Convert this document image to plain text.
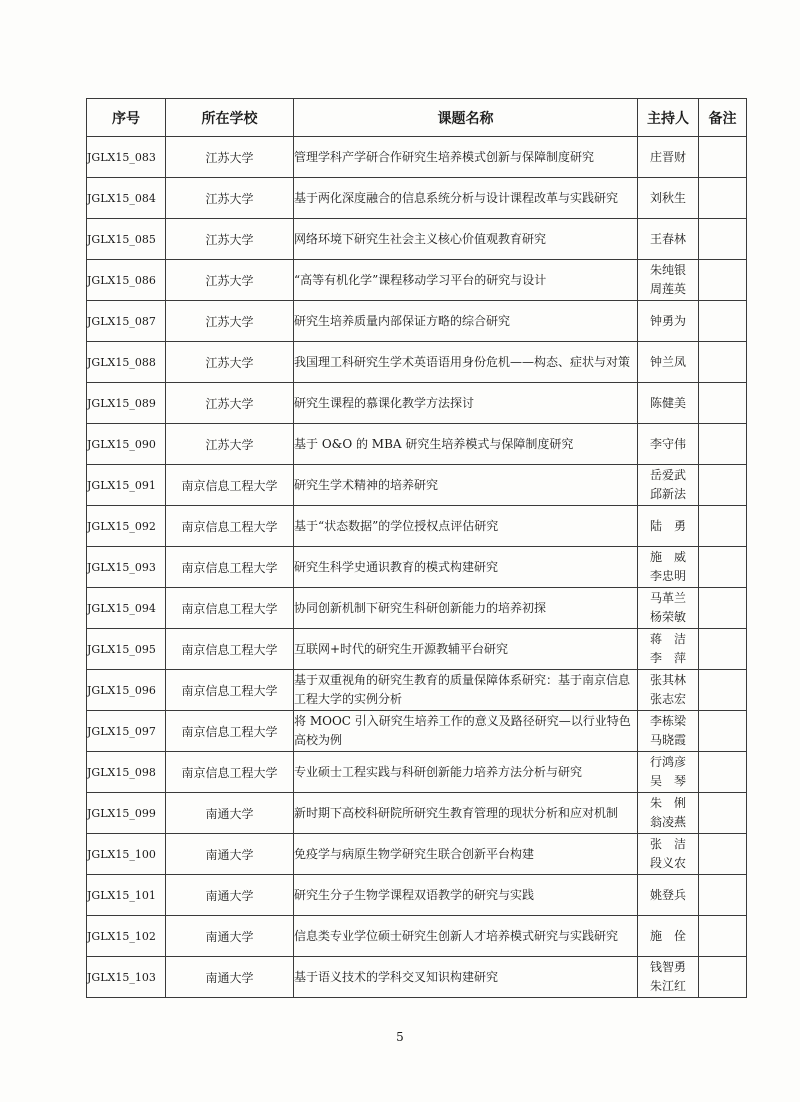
序号	所在学校	课题名称	主持人	备注
JGLX15_083	江苏大学	管理学科产学研合作研究生培养模式创新与保障制度研究	庄晋财	

JGLX15_084	江苏大学	基于两化深度融合的信息系统分析与设计课程改革与实践研究	刘秋生	

JGLX15_085	江苏大学	网络环境下研究生社会主义核心价值观教育研究	王春林	

JGLX15_086	江苏大学	“高等有机化学”课程移动学习平台的研究与设计	朱纯银
周莲英	

JGLX15_087	江苏大学	研究生培养质量内部保证方略的综合研究	钟勇为	

JGLX15_088	江苏大学	我国理工科研究生学术英语语用身份危机——构态、症状与对策	钟兰凤	

JGLX15_089	江苏大学	研究生课程的慕课化教学方法探讨	陈健美	

JGLX15_090	江苏大学	基于 O&O 的 MBA 研究生培养模式与保障制度研究	李守伟	

JGLX15_091	南京信息工程大学	研究生学术精神的培养研究	岳爱武
邱新法	

JGLX15_092	南京信息工程大学	基于“状态数据”的学位授权点评估研究	陆　勇	

JGLX15_093	南京信息工程大学	研究生科学史通识教育的模式构建研究	施　威
李忠明	

JGLX15_094	南京信息工程大学	协同创新机制下研究生科研创新能力的培养初探	马革兰
杨荣敏	

JGLX15_095	南京信息工程大学	互联网+时代的研究生开源教辅平台研究	蒋　洁
李　萍	

JGLX15_096	南京信息工程大学	基于双重视角的研究生教育的质量保障体系研究：基于南京信息工程大学的实例分析	张其林
张志宏	

JGLX15_097	南京信息工程大学	将 MOOC 引入研究生培养工作的意义及路径研究—以行业特色高校为例	李栋梁
马晓霞	

JGLX15_098	南京信息工程大学	专业硕士工程实践与科研创新能力培养方法分析与研究	行鸿彦
吴　琴	

JGLX15_099	南通大学	新时期下高校科研院所研究生教育管理的现状分析和应对机制	朱　俐
翁凌燕	

JGLX15_100	南通大学	免疫学与病原生物学研究生联合创新平台构建	张　洁
段义农	

JGLX15_101	南通大学	研究生分子生物学课程双语教学的研究与实践	姚登兵	

JGLX15_102	南通大学	信息类专业学位硕士研究生创新人才培养模式研究与实践研究	施　佺	

JGLX15_103	南通大学	基于语义技术的学科交叉知识构建研究	钱智勇
朱江红	

5
